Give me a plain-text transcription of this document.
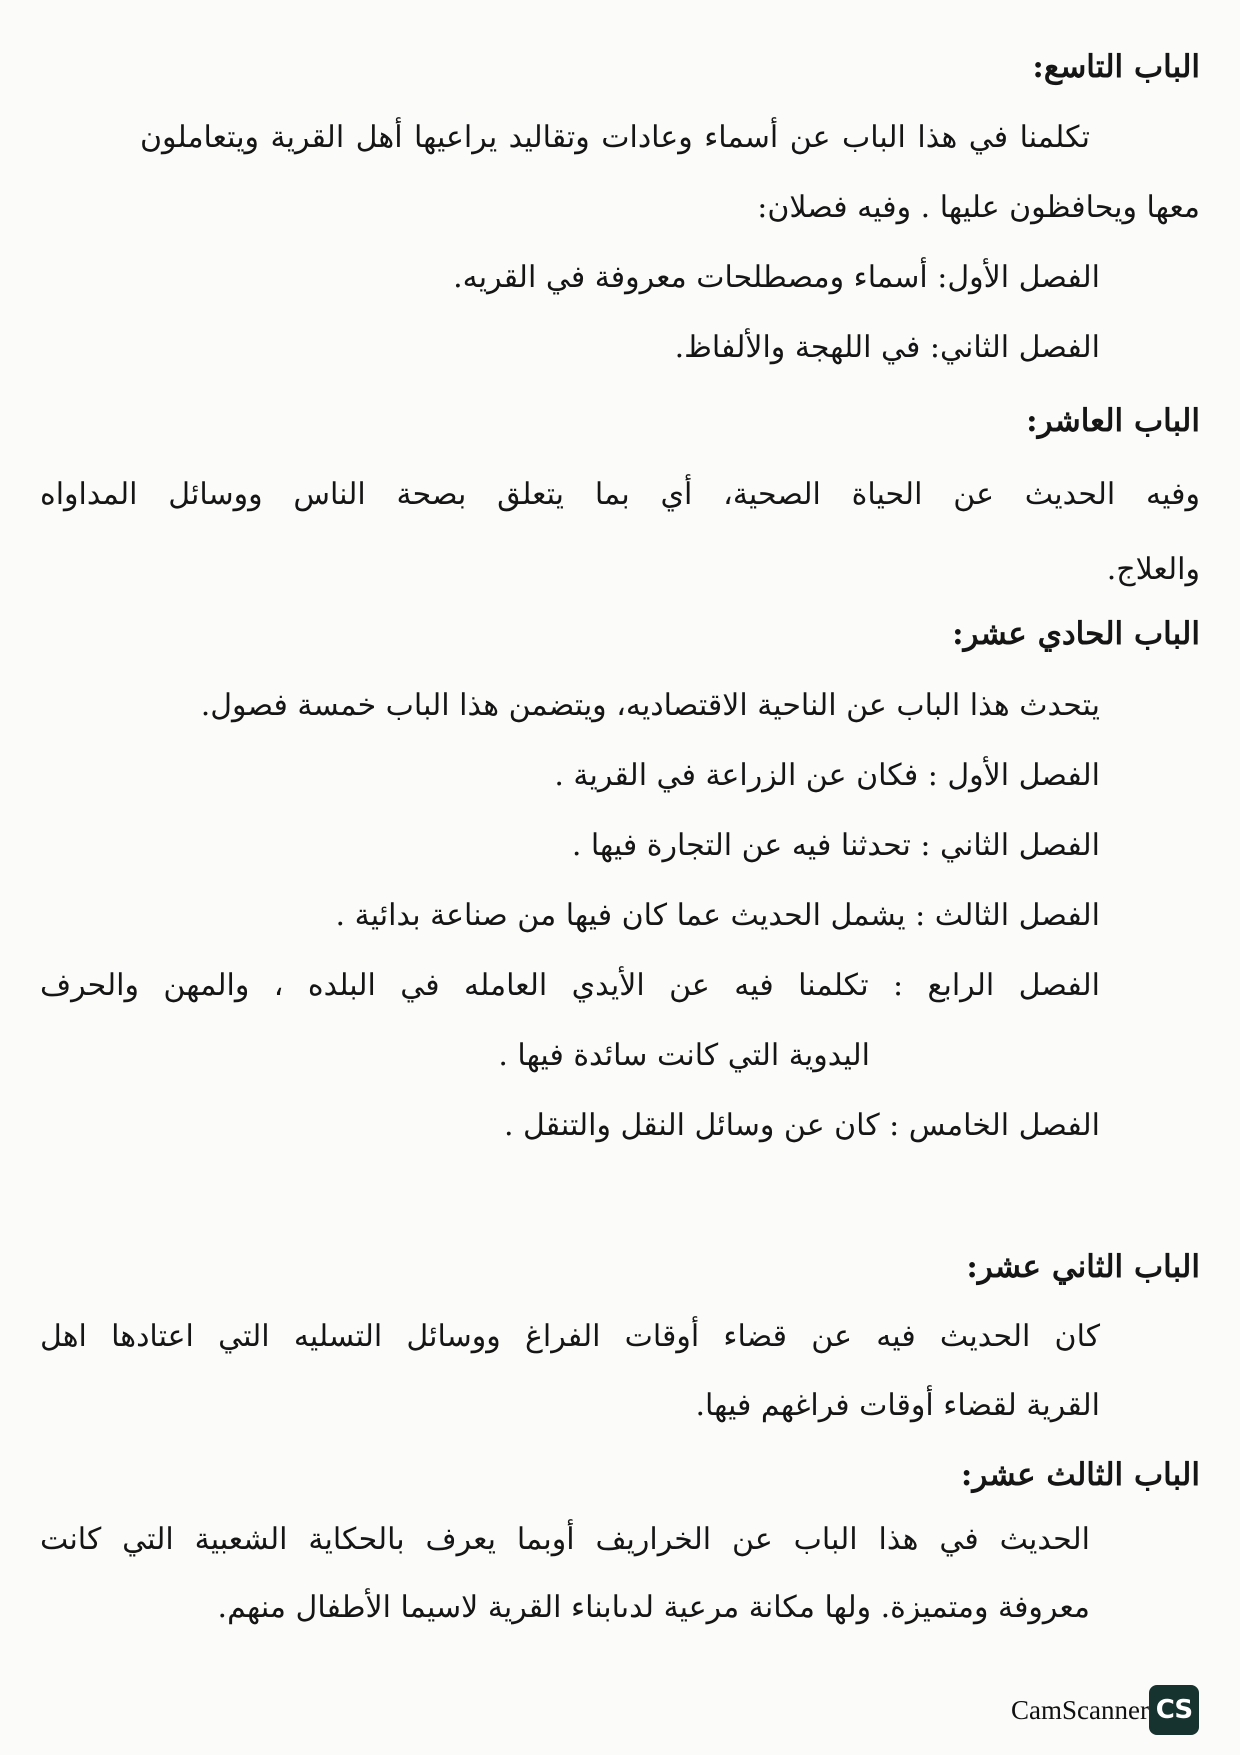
الباب التاسع:

تكلمنا في هذا الباب عن أسماء وعادات وتقاليد يراعيها أهل القرية ويتعاملون

معها ويحافظون عليها . وفيه فصلان:

الفصل الأول: أسماء ومصطلحات معروفة في القريه.

الفصل الثاني: في اللهجة والألفاظ.

الباب العاشر:

وفيه الحديث عن الحياة الصحية، أي بما يتعلق بصحة الناس ووسائل المداواه

والعلاج.

الباب الحادي عشر:

يتحدث هذا الباب عن الناحية الاقتصاديه، ويتضمن هذا الباب خمسة فصول.

الفصل الأول : فكان عن الزراعة في القرية .

الفصل الثاني : تحدثنا فيه عن التجارة فيها .

الفصل الثالث : يشمل الحديث عما كان فيها من صناعة بدائية .

الفصل الرابع : تكلمنا فيه عن الأيدي العامله في البلده ، والمهن والحرف

اليدوية التي كانت سائدة فيها .

الفصل الخامس : كان عن وسائل النقل والتنقل .

الباب الثاني عشر:

كان الحديث فيه عن قضاء أوقات الفراغ ووسائل التسليه التي اعتادها اهل

القرية لقضاء أوقات فراغهم فيها.

الباب الثالث عشر:

الحديث في هذا الباب عن الخراريف أوبما يعرف بالحكاية الشعبية التي كانت

معروفة ومتميزة. ولها مكانة مرعية لدىابناء القرية لاسيما الأطفال منهم.

CS
CamScanner
